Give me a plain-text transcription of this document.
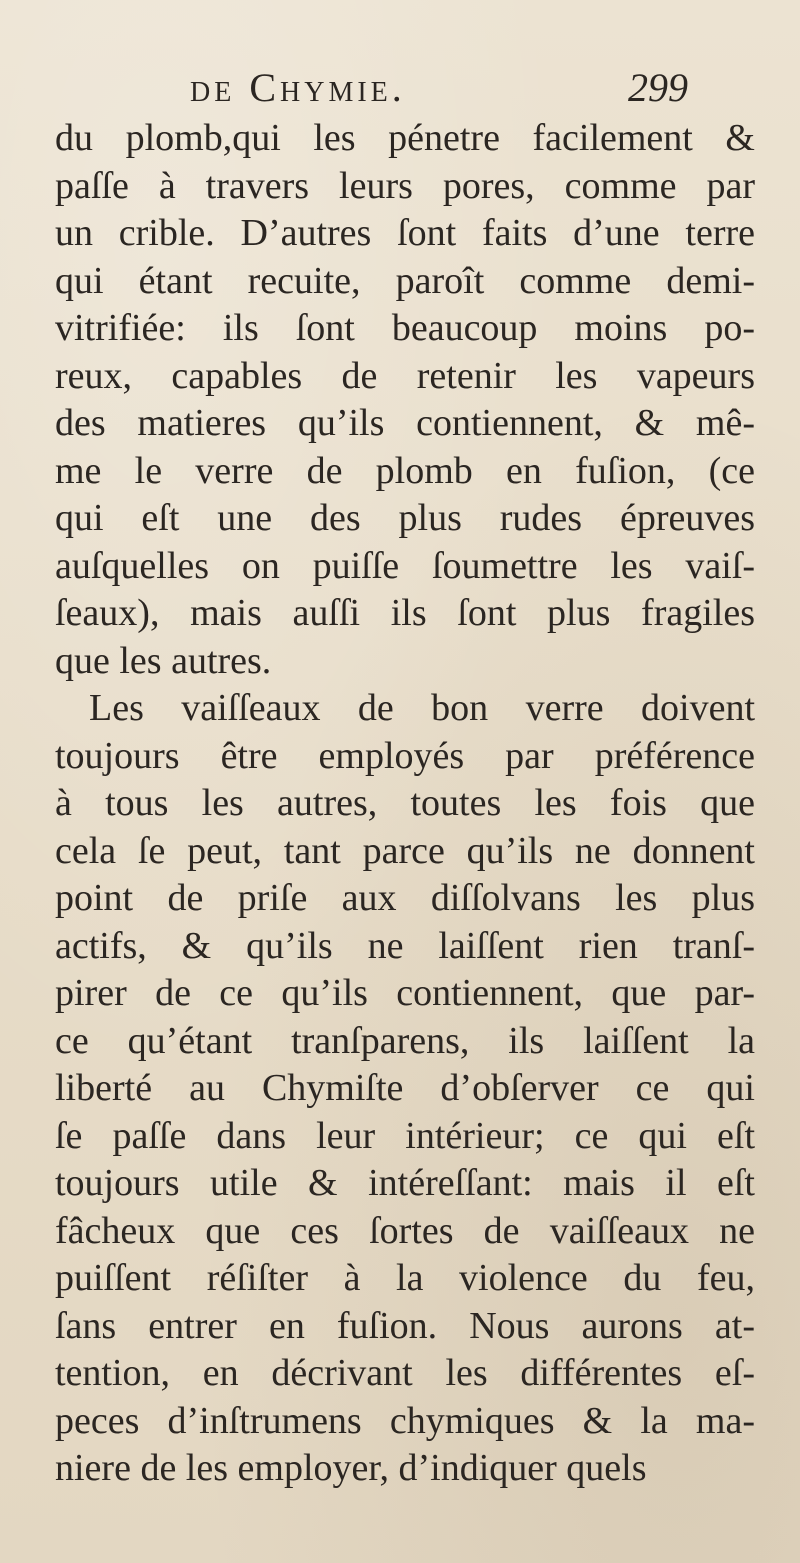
de Chymie.	299
du plomb,qui les pénetre facilement &
paſſe à travers leurs pores, comme par
un crible. D’autres ſont faits d’une terre
qui étant recuite, paroît comme demi-
vitrifiée: ils ſont beaucoup moins po-
reux, capables de retenir les vapeurs
des matieres qu’ils contiennent, & mê-
me le verre de plomb en fuſion, (ce
qui eſt une des plus rudes épreuves
auſquelles on puiſſe ſoumettre les vaiſ-
ſeaux), mais auſſi ils ſont plus fragiles
que les autres.
Les vaiſſeaux de bon verre doivent
toujours être employés par préférence
à tous les autres, toutes les fois que
cela ſe peut, tant parce qu’ils ne donnent
point de priſe aux diſſolvans les plus
actifs, & qu’ils ne laiſſent rien tranſ-
pirer de ce qu’ils contiennent, que par-
ce qu’étant tranſparens, ils laiſſent la
liberté au Chymiſte d’obſerver ce qui
ſe paſſe dans leur intérieur; ce qui eſt
toujours utile & intéreſſant: mais il eſt
fâcheux que ces ſortes de vaiſſeaux ne
puiſſent réſiſter à la violence du feu,
ſans entrer en fuſion. Nous aurons at-
tention, en décrivant les différentes eſ-
peces d’inſtrumens chymiques & la ma-
niere de les employer, d’indiquer quels
